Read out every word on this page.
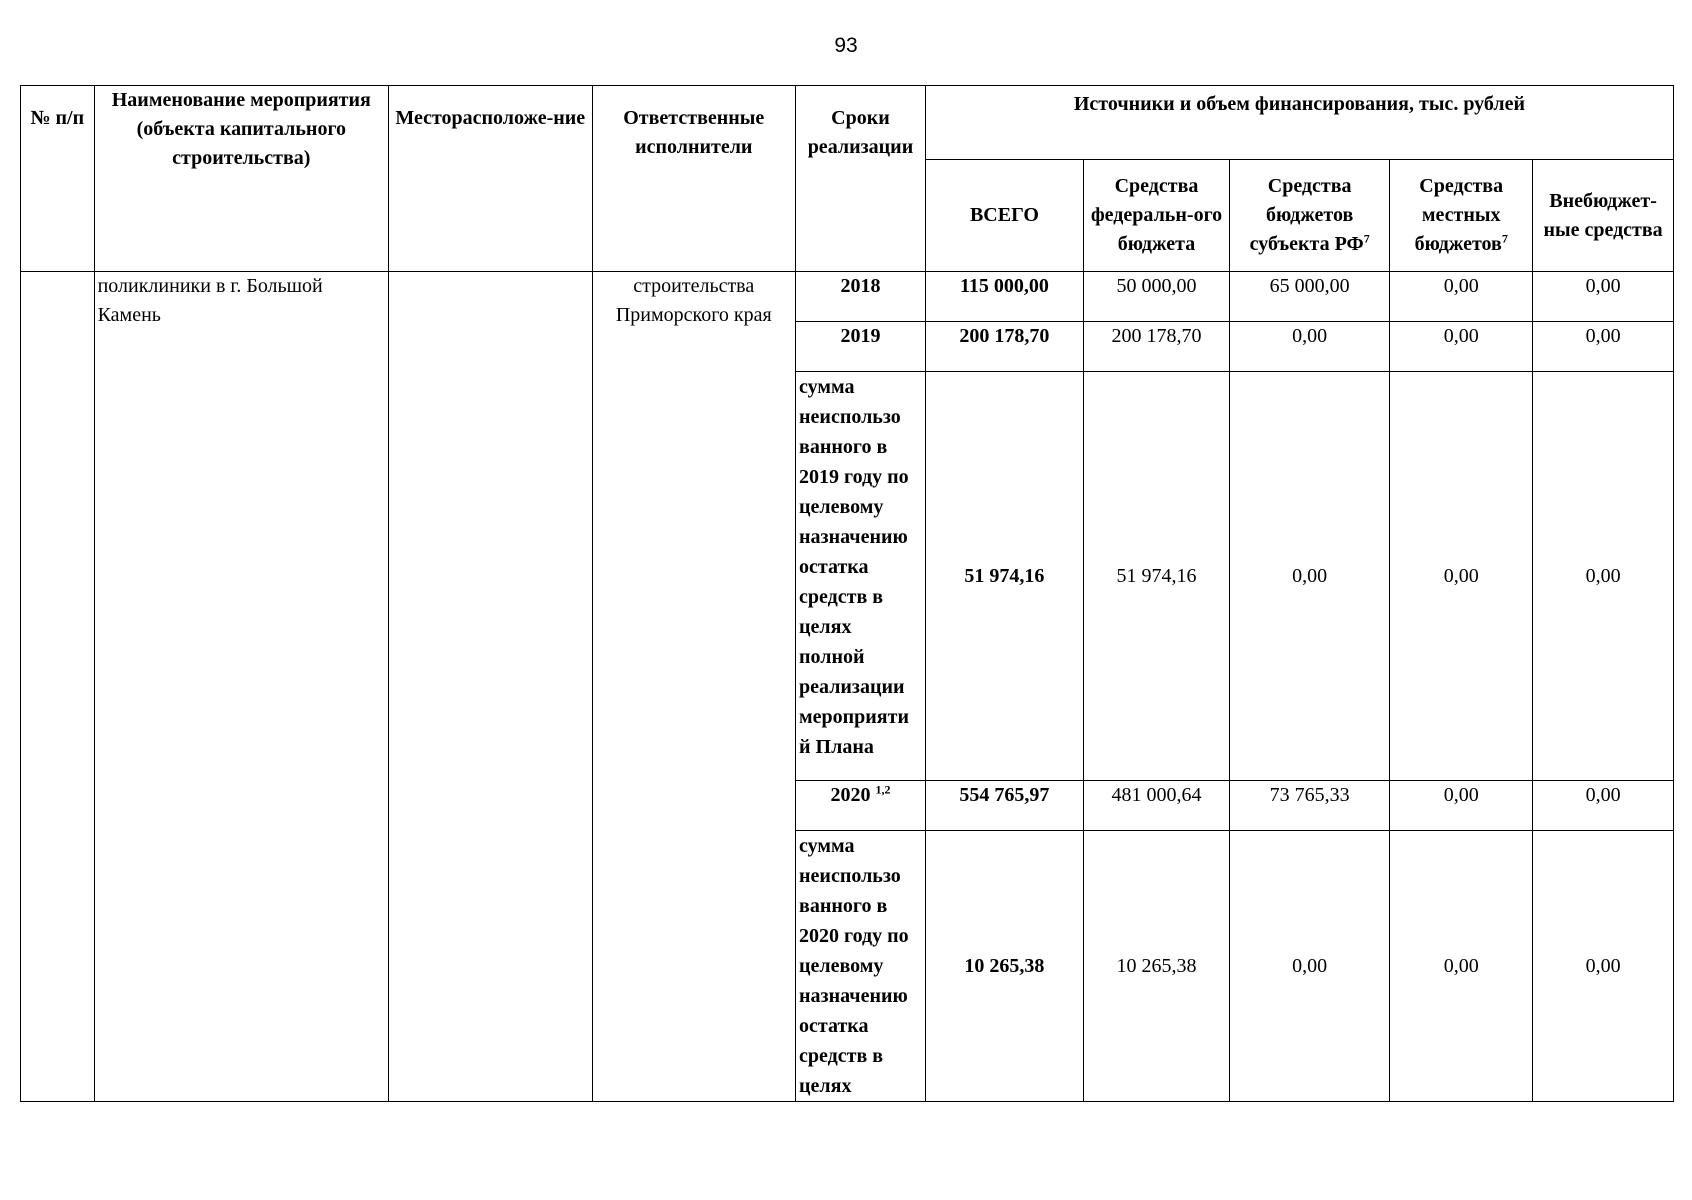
93
№ п/п	Наименование мероприятия (объекта капитального строительства)	Месторасположе-ние	Ответственные исполнители	Сроки реализации	Источники и объем финансирования, тыс. рублей				
					ВСЕГО	Средства федеральн-ого бюджета	Средства бюджетов субъекта $РФ^7$	Средства местных бюджетов$^7$	Внебюджет-ные средства
	поликлиники в г. Большой Камень		строительства Приморского края	2018	115 000,00	50 000,00	65 000,00	0,00	0,00
				2019	200 178,70	200 178,70	0,00	0,00	0,00
				сумма неиспользо ванного в 2019 году по целевому назначению остатка средств в целях полной реализации мероприяти й Плана	51 974,16	51 974,16	0,00	0,00	0,00
				2020 $^{1,2}$	554 765,97	481 000,64	73 765,33	0,00	0,00
				сумма неиспользо ванного в 2020 году по целевому назначению остатка средств в целях	10 265,38	10 265,38	0,00	0,00	0,00
